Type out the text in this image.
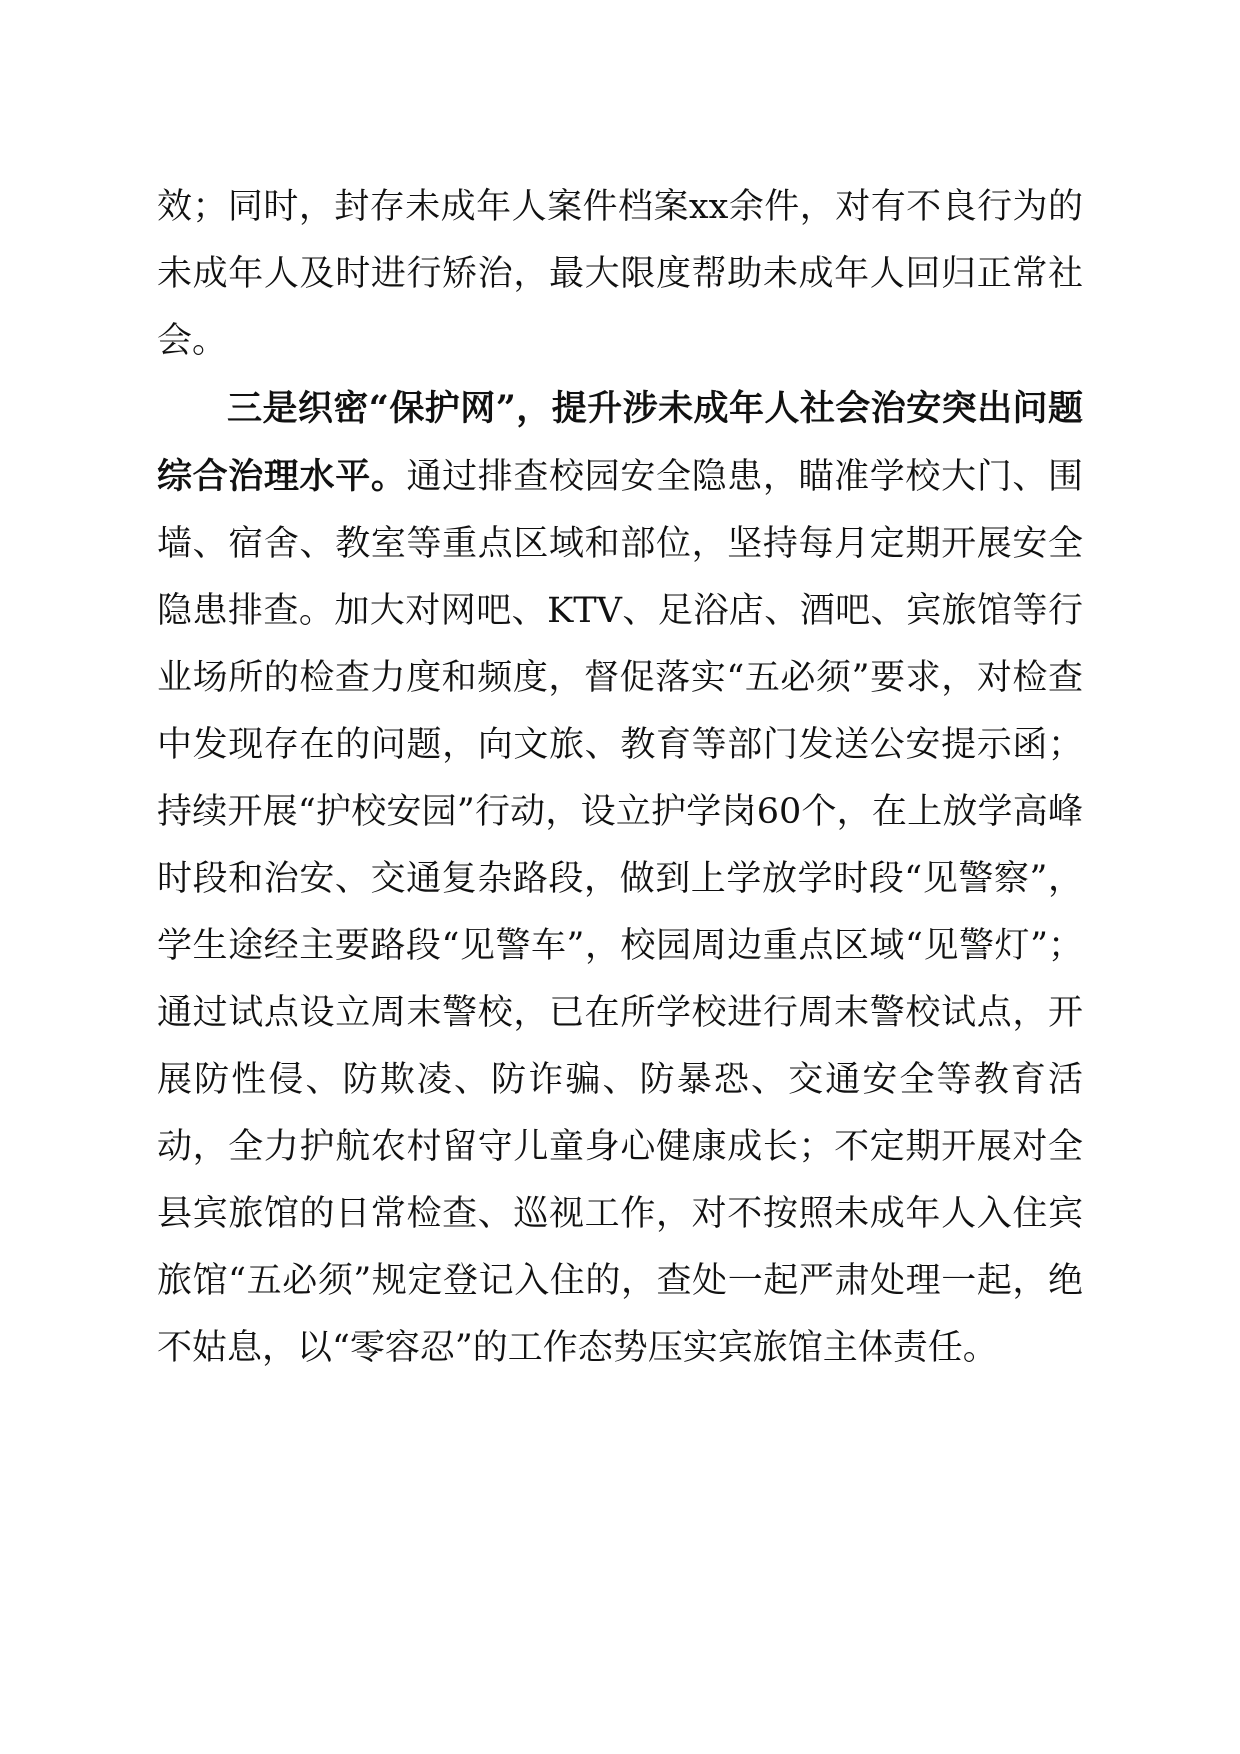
效；同时，封存未成年人案件档案xx余件，对有不良行为的未成年人及时进行矫治，最大限度帮助未成年人回归正常社会。

三是织密“保护网”，提升涉未成年人社会治安突出问题综合治理水平。通过排查校园安全隐患，瞄准学校大门、围墙、宿舍、教室等重点区域和部位，坚持每月定期开展安全隐患排查。加大对网吧、KTV、足浴店、酒吧、宾旅馆等行业场所的检查力度和频度，督促落实“五必须”要求，对检查中发现存在的问题，向文旅、教育等部门发送公安提示函；持续开展“护校安园”行动，设立护学岗60个，在上放学高峰时段和治安、交通复杂路段，做到上学放学时段“见警察”，学生途经主要路段“见警车”，校园周边重点区域“见警灯”；通过试点设立周末警校，已在所学校进行周末警校试点，开展防性侵、防欺凌、防诈骗、防暴恐、交通安全等教育活动，全力护航农村留守儿童身心健康成长；不定期开展对全县宾旅馆的日常检查、巡视工作，对不按照未成年人入住宾旅馆“五必须”规定登记入住的，查处一起严肃处理一起，绝不姑息，以“零容忍”的工作态势压实宾旅馆主体责任。
